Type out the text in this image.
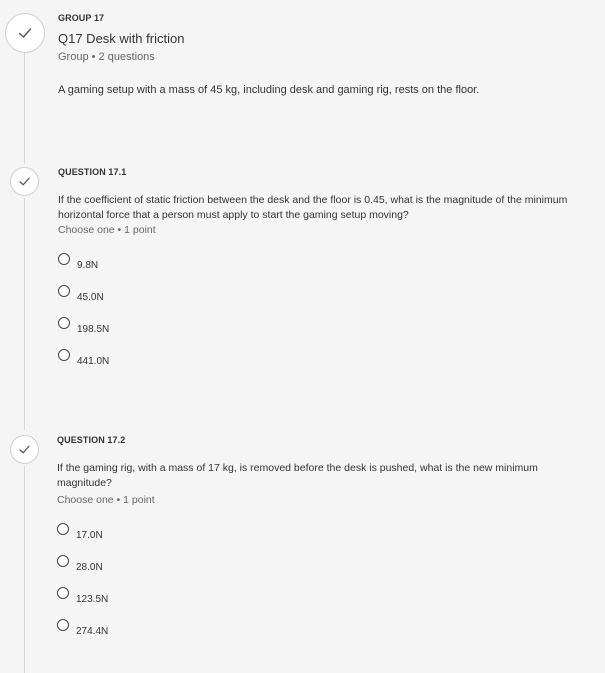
GROUP 17
Q17 Desk with friction
Group • 2 questions
A gaming setup with a mass of 45 kg, including desk and gaming rig, rests on the floor.
QUESTION 17.1
If the coefficient of static friction between the desk and the floor is 0.45, what is the magnitude of the minimum horizontal force that a person must apply to start the gaming setup moving?
Choose one • 1 point
9.8N
45.0N
198.5N
441.0N
QUESTION 17.2
If the gaming rig, with a mass of 17 kg, is removed before the desk is pushed, what is the new minimum magnitude?
Choose one • 1 point
17.0N
28.0N
123.5N
274.4N
